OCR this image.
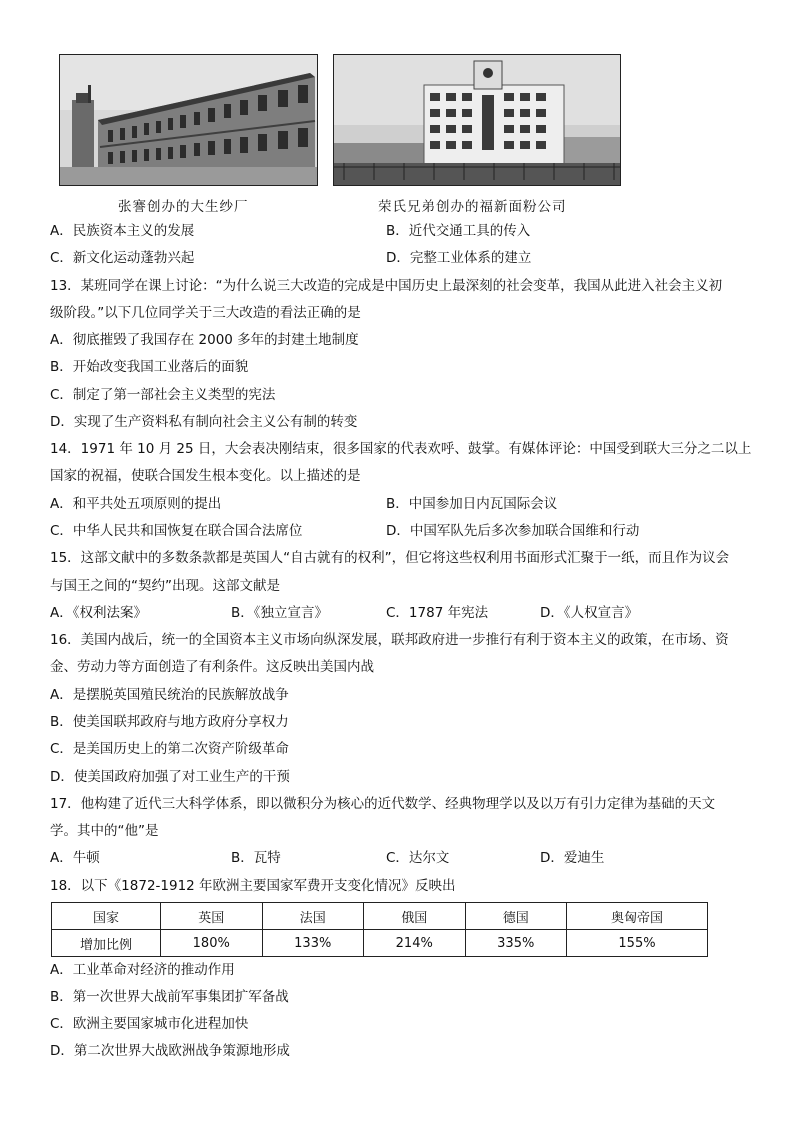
张謇创办的大生纱厂	荣氏兄弟创办的福新面粉公司
A．民族资本主义的发展	B．近代交通工具的传入
C．新文化运动蓬勃兴起	D．完整工业体系的建立
13．某班同学在课上讨论：“为什么说三大改造的完成是中国历史上最深刻的社会变革，我国从此进入社会主义初
级阶段。”以下几位同学关于三大改造的看法正确的是
A．彻底摧毁了我国存在 2000 多年的封建土地制度
B．开始改变我国工业落后的面貌
C．制定了第一部社会主义类型的宪法
D．实现了生产资料私有制向社会主义公有制的转变
14．1971 年 10 月 25 日，大会表决刚结束，很多国家的代表欢呼、鼓掌。有媒体评论：中国受到联大三分之二以上
国家的祝福，使联合国发生根本变化。以上描述的是
A．和平共处五项原则的提出	B．中国参加日内瓦国际会议
C．中华人民共和国恢复在联合国合法席位	D．中国军队先后多次参加联合国维和行动
15．这部文献中的多数条款都是英国人“自古就有的权利”，但它将这些权利用书面形式汇聚于一纸，而且作为议会
与国王之间的“契约”出现。这部文献是
A．《权利法案》	B．《独立宣言》	C．1787 年宪法	D．《人权宣言》
16．美国内战后，统一的全国资本主义市场向纵深发展，联邦政府进一步推行有利于资本主义的政策，在市场、资
金、劳动力等方面创造了有利条件。这反映出美国内战
A．是摆脱英国殖民统治的民族解放战争
B．使美国联邦政府与地方政府分享权力
C．是美国历史上的第二次资产阶级革命
D．使美国政府加强了对工业生产的干预
17．他构建了近代三大科学体系，即以微积分为核心的近代数学、经典物理学以及以万有引力定律为基础的天文
学。其中的“他”是
A．牛顿	B．瓦特	C．达尔文	D．爱迪生
18．以下《1872-1912 年欧洲主要国家军费开支变化情况》反映出
国家	英国	法国	俄国	德国	奥匈帝国
增加比例	180%	133%	214%	335%	155%
A．工业革命对经济的推动作用
B．第一次世界大战前军事集团扩军备战
C．欧洲主要国家城市化进程加快
D．第二次世界大战欧洲战争策源地形成
